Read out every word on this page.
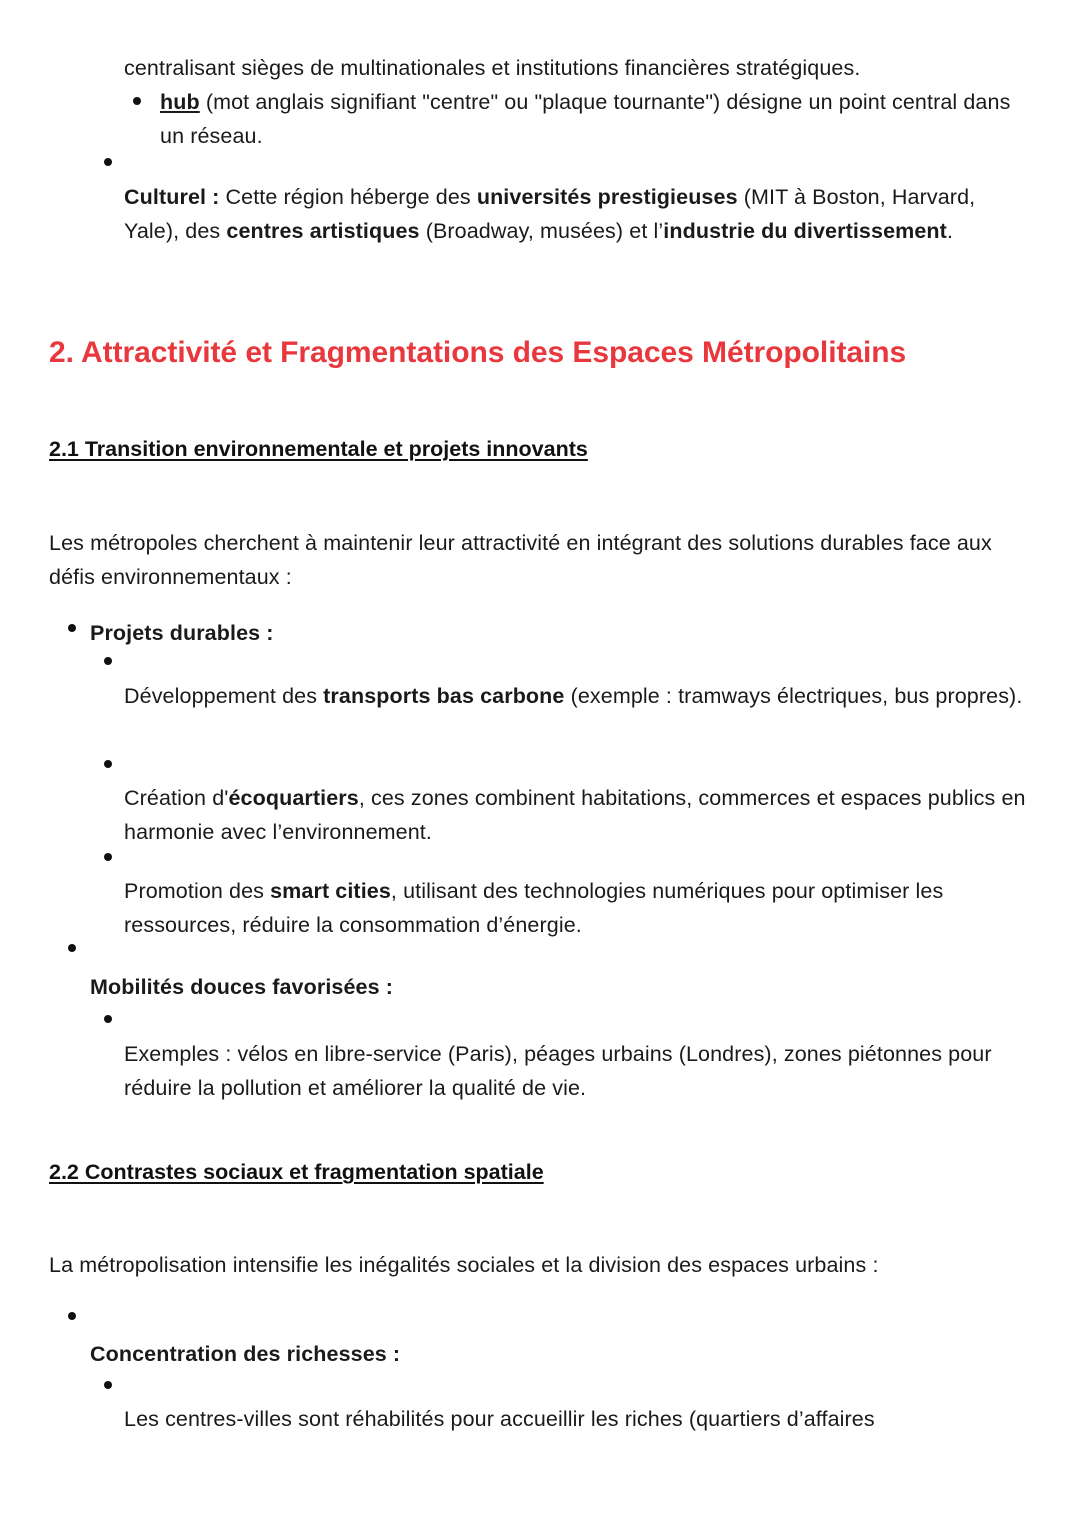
centralisant sièges de multinationales et institutions financières stratégiques.
hub (mot anglais signifiant "centre" ou "plaque tournante") désigne un point central dans un réseau.
Culturel : Cette région héberge des universités prestigieuses (MIT à Boston, Harvard, Yale), des centres artistiques (Broadway, musées) et l’industrie du divertissement.
2. Attractivité et Fragmentations des Espaces Métropolitains
2.1 Transition environnementale et projets innovants
Les métropoles cherchent à maintenir leur attractivité en intégrant des solutions durables face aux défis environnementaux :
Projets durables :
Développement des transports bas carbone (exemple : tramways électriques, bus propres).
Création d'écoquartiers, ces zones combinent habitations, commerces et espaces publics en harmonie avec l’environnement.
Promotion des smart cities, utilisant des technologies numériques pour optimiser les ressources, réduire la consommation d’énergie.
Mobilités douces favorisées :
Exemples : vélos en libre-service (Paris), péages urbains (Londres), zones piétonnes pour réduire la pollution et améliorer la qualité de vie.
2.2 Contrastes sociaux et fragmentation spatiale
La métropolisation intensifie les inégalités sociales et la division des espaces urbains :
Concentration des richesses :
Les centres-villes sont réhabilités pour accueillir les riches (quartiers d’affaires
